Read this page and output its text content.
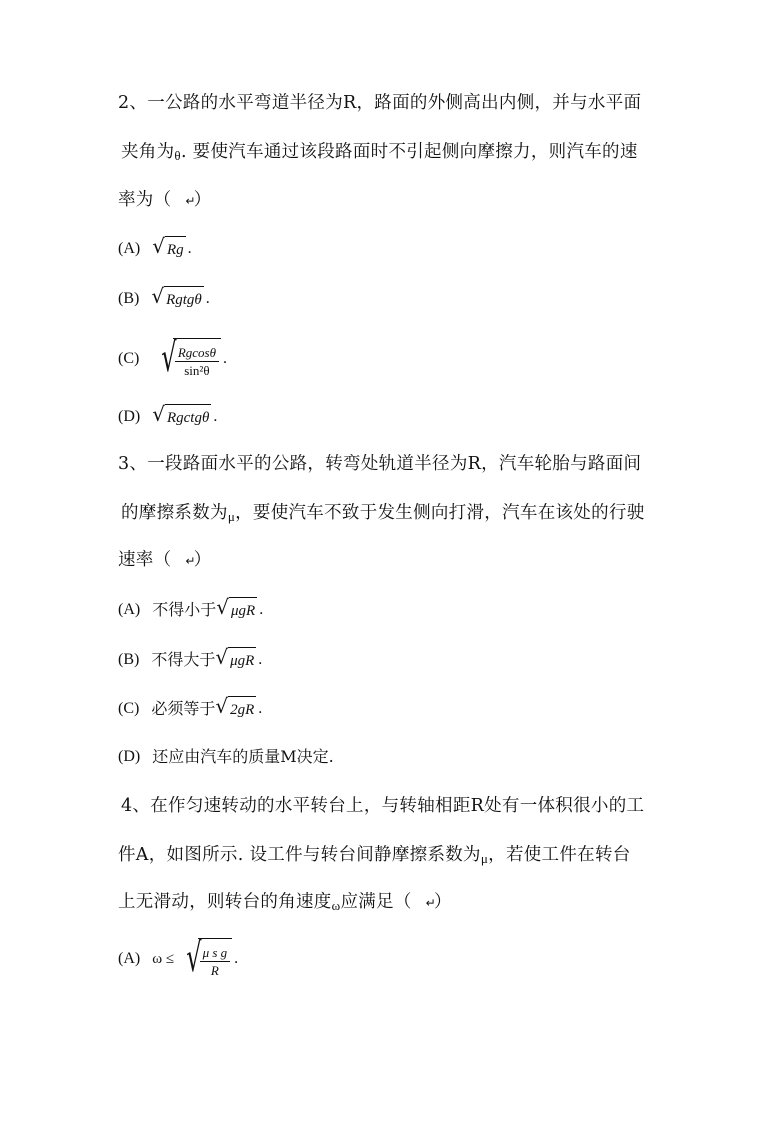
2、一公路的水平弯道半径为R，路面的外侧高出内侧，并与水平面
夹角为θ. 要使汽车通过该段路面时不引起侧向摩擦力，则汽车的速
率为（ ↵）
(A) √ Rg .
(B) √ Rgtgθ .
(C) √
$\frac{Rgcos\theta}{\text{sin²θ}}$ .
(D) √ Rgctgθ .
3、一段路面水平的公路，转弯处轨道半径为R，汽车轮胎与路面间
的摩擦系数为μ，要使汽车不致于发生侧向打滑，汽车在该处的行驶
速率（ ↵）
(A) 不得小于 √ μgR .
(B) 不得大于 √ μgR .
(C) 必须等于 √ 2gR .
(D) 还应由汽车的质量M决定.
4、在作匀速转动的水平转台上，与转轴相距R处有一体积很小的工
件A，如图所示. 设工件与转台间静摩擦系数为μ，若使工件在转台
上无滑动，则转台的角速度ω应满足（ ↵）
(A) ω ≤ √
$\frac{\text{μ s g}}{R}$ .
